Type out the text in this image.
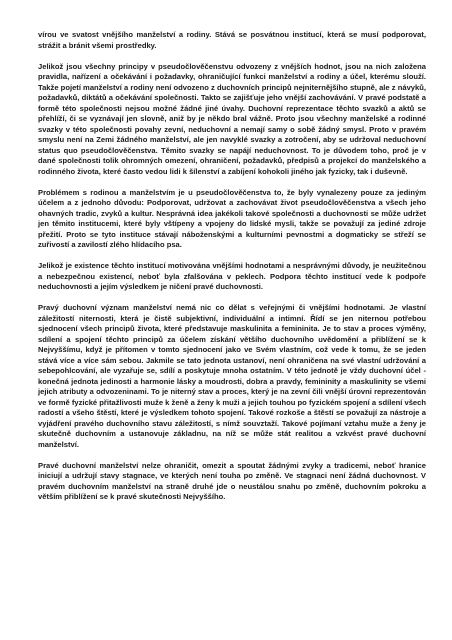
vírou ve svatost vnějšího manželství a rodiny. Stává se posvátnou institucí, která se musí podporovat, strážit a bránit všemi prostředky.

Jelikož jsou všechny principy v pseudočlověčenstvu odvozeny z vnějších hodnot, jsou na nich založena pravidla, nařízení a očekávání i požadavky, ohraničující funkci manželství a rodiny a účel, kterému slouží. Takže pojetí manželství a rodiny není odvozeno z duchovních principů nejniternějšího stupně, ale z návyků, požadavků, diktátů a očekávání společnosti. Takto se zajišťuje jeho vnější zachovávání. V pravé podstatě a formě této společnosti nejsou možné žádné jiné úvahy. Duchovní reprezentace těchto svazků a aktů se přehlíží, či se vyznávají jen slovně, aniž by je někdo bral vážně. Proto jsou všechny manželské a rodinné svazky v této společnosti povahy zevní, neduchovní a nemají samy o sobě žádný smysl. Proto v pravém smyslu není na Zemi žádného manželství, ale jen navyklé svazky a zotročení, aby se udržoval neduchovní status quo pseudočlověčenstva. Těmito svazky se napájí neduchovnost. To je důvodem toho, proč je v dané společnosti tolik ohromných omezení, ohraničení, požadavků, předpisů a projekcí do manželského a rodinného života, které často vedou lidi k šílenství a zabíjení kohokoli jiného jak fyzicky, tak i duševně.

Problémem s rodinou a manželstvím je u pseudočlověčenstva to, že byly vynalezeny pouze za jediným účelem a z jednoho důvodu: Podporovat, udržovat a zachovávat život pseudočlověčenstva a všech jeho ohavných tradic, zvyků a kultur. Nesprávná idea jakékoli takové společnosti a duchovnosti se může udržet jen těmito institucemi, které byly vštípeny a vpojeny do lidské mysli, takže se považují za jediné zdroje přežití. Proto se tyto instituce stávají náboženskými a kulturními pevnostmi a dogmaticky se střeží se zuřivostí a zavilostí zlého hlídacího psa.

Jelikož je existence těchto institucí motivována vnějšími hodnotami a nesprávnými důvody, je neužitečnou a nebezpečnou existencí, neboť byla zfalšována v peklech. Podpora těchto institucí vede k podpoře neduchovnosti a jejím výsledkem je ničení pravé duchovnosti.

Pravý duchovní význam manželství nemá nic co dělat s veřejnými či vnějšími hodnotami. Je vlastní záležitostí niternosti, která je čistě subjektivní, individuální a intimní. Řídí se jen niternou potřebou sjednocení všech principů života, které představuje maskulinita a femininita. Je to stav a proces výměny, sdílení a spojení těchto principů za účelem získání většího duchovního uvědomění a přiblížení se k Nejvyššímu, když je přítomen v tomto sjednocení jako ve Svém vlastním, což vede k tomu, že se jeden stává více a více sám sebou. Jakmile se tato jednota ustanoví, není ohraničena na své vlastní udržování a sebepohlcování, ale vyzařuje se, sdílí a poskytuje mnoha ostatním. V této jednotě je vždy duchovní účel - konečná jednota jedinosti a harmonie lásky a moudrosti, dobra a pravdy, femininity a maskulinity se všemi jejich atributy a odvozeninami. To je niterný stav a proces, který je na zevní čili vnější úrovni reprezentován ve formě fyzické přitažlivosti muže k ženě a ženy k muži a jejich touhou po fyzickém spojení a sdílení všech radostí a všeho štěstí, které je výsledkem tohoto spojení. Takové rozkoše a štěstí se považují za nástroje a vyjádření pravého duchovního stavu záležitostí, s nímž souvztaží. Takové pojímaní vztahu muže a ženy je skutečně duchovním a ustanovuje základnu, na níž se může stát realitou a vzkvést pravé duchovní manželství.

Pravé duchovní manželství nelze ohraničit, omezit a spoutat žádnými zvyky a tradicemi, neboť hranice iniciují a udržují stavy stagnace, ve kterých není touha po změně. Ve stagnaci není žádná duchovnost. V pravém duchovním manželství na straně druhé jde o neustálou snahu po změně, duchovním pokroku a větším přiblížení se k pravé skutečnosti Nejvyššího.
